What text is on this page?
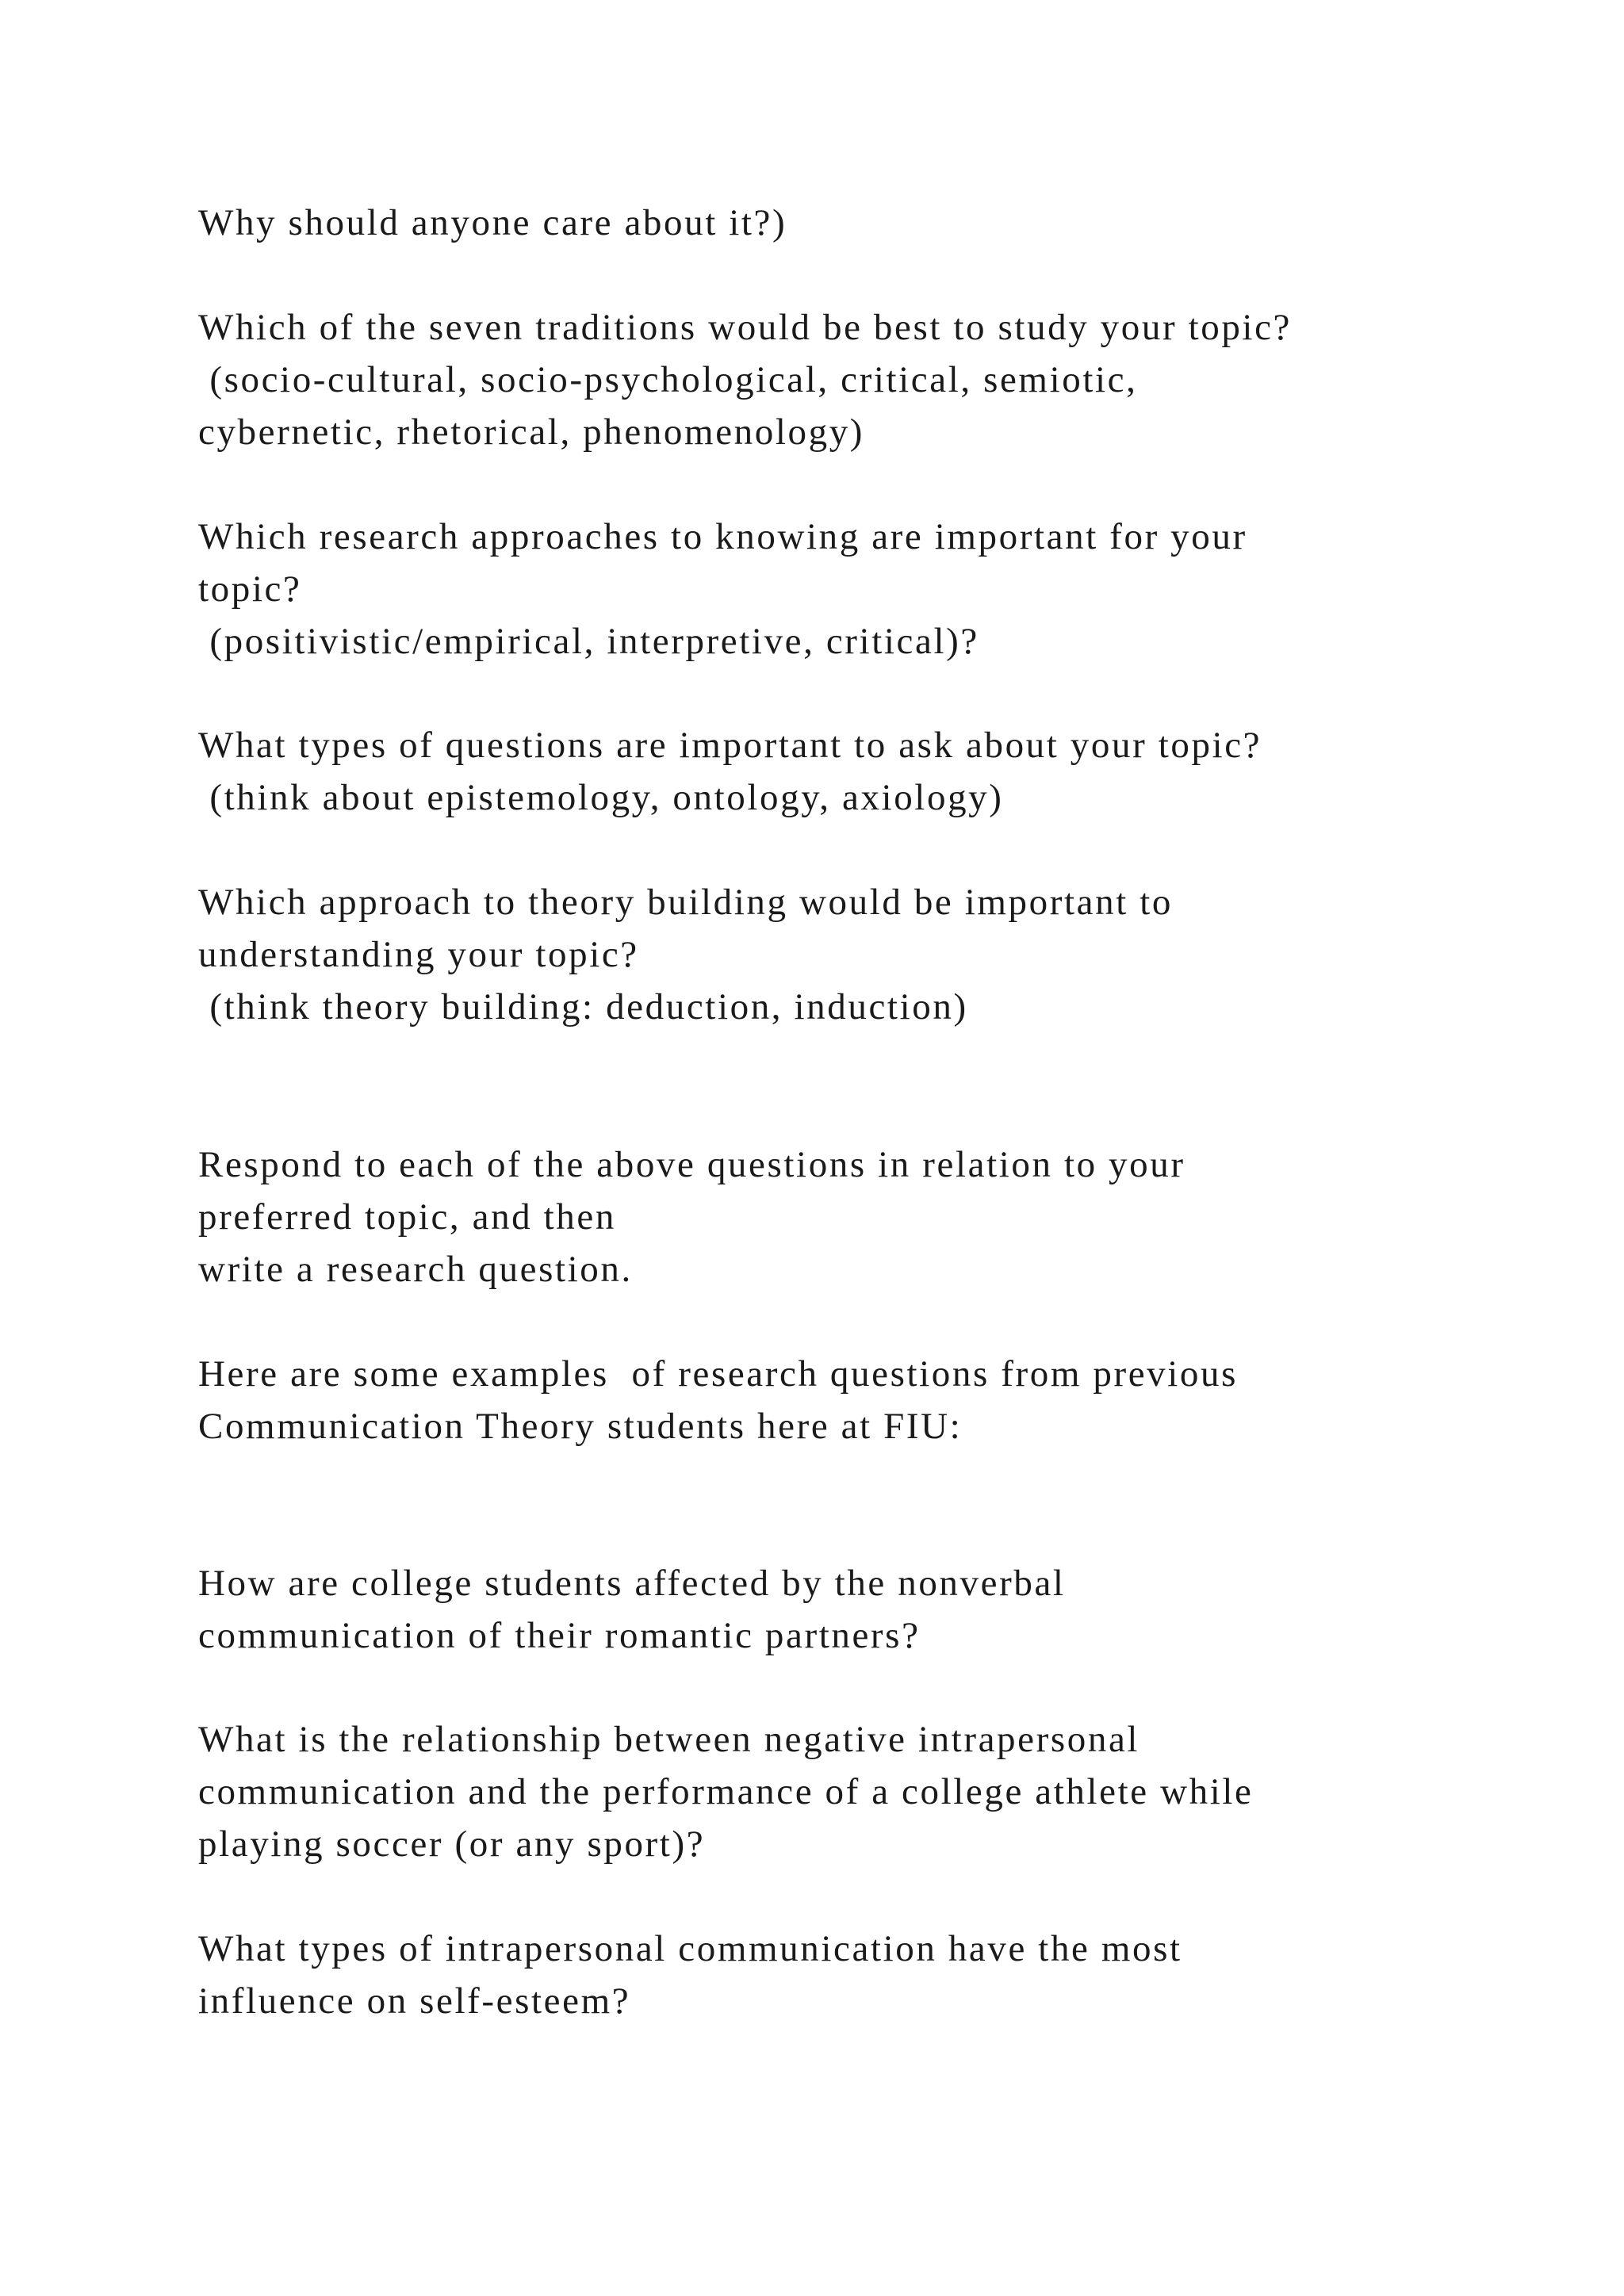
Why should anyone care about it?)

Which of the seven traditions would be best to study your topic?

(socio-cultural, socio-psychological, critical, semiotic,

cybernetic, rhetorical, phenomenology)

Which research approaches to knowing are important for your

topic?

(positivistic/empirical, interpretive, critical)?

What types of questions are important to ask about your topic?

(think about epistemology, ontology, axiology)

Which approach to theory building would be important to

understanding your topic?

(think theory building: deduction, induction)

Respond to each of the above questions in relation to your

preferred topic, and then

write a research question.

Here are some examples  of research questions from previous

Communication Theory students here at FIU:

How are college students affected by the nonverbal

communication of their romantic partners?

What is the relationship between negative intrapersonal

communication and the performance of a college athlete while

playing soccer (or any sport)?

What types of intrapersonal communication have the most

influence on self-esteem?
